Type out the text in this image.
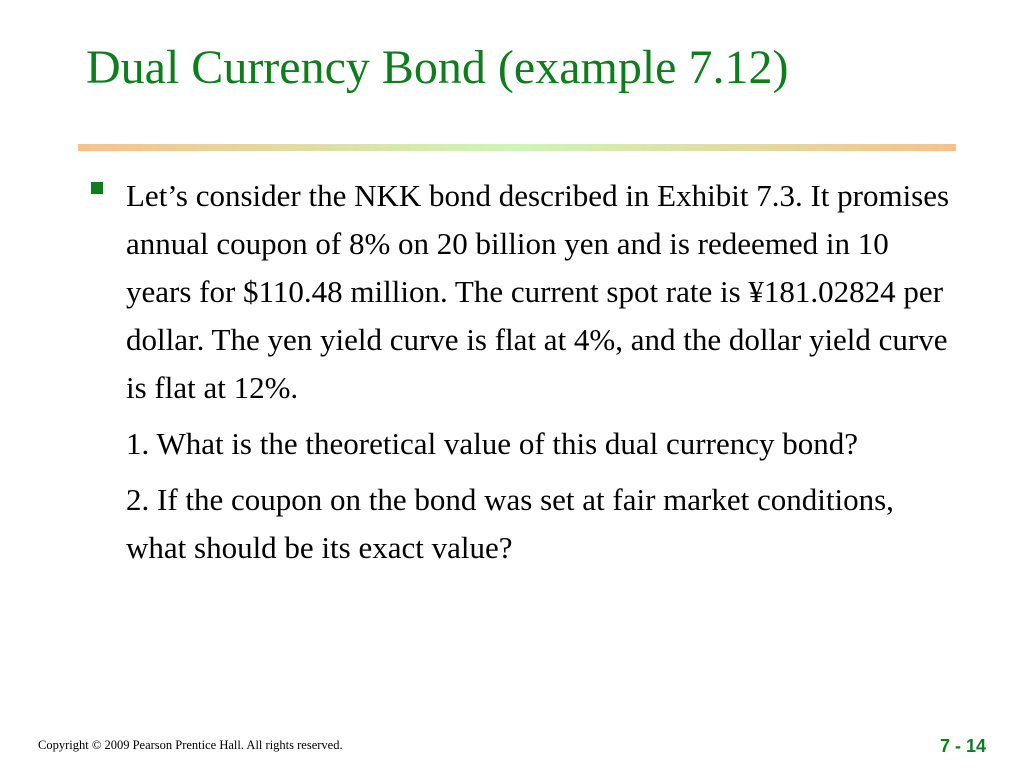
Dual Currency Bond (example 7.12)

Let’s consider the NKK bond described in Exhibit 7.3. It promises annual coupon of 8% on 20 billion yen and is redeemed in 10 years for $110.48 million. The current spot rate is ¥181.02824 per dollar. The yen yield curve is flat at 4%, and the dollar yield curve is flat at 12%.

1. What is the theoretical value of this dual currency bond?

2. If the coupon on the bond was set at fair market conditions, what should be its exact value?

Copyright © 2009 Pearson Prentice Hall. All rights reserved.	7 - 14
